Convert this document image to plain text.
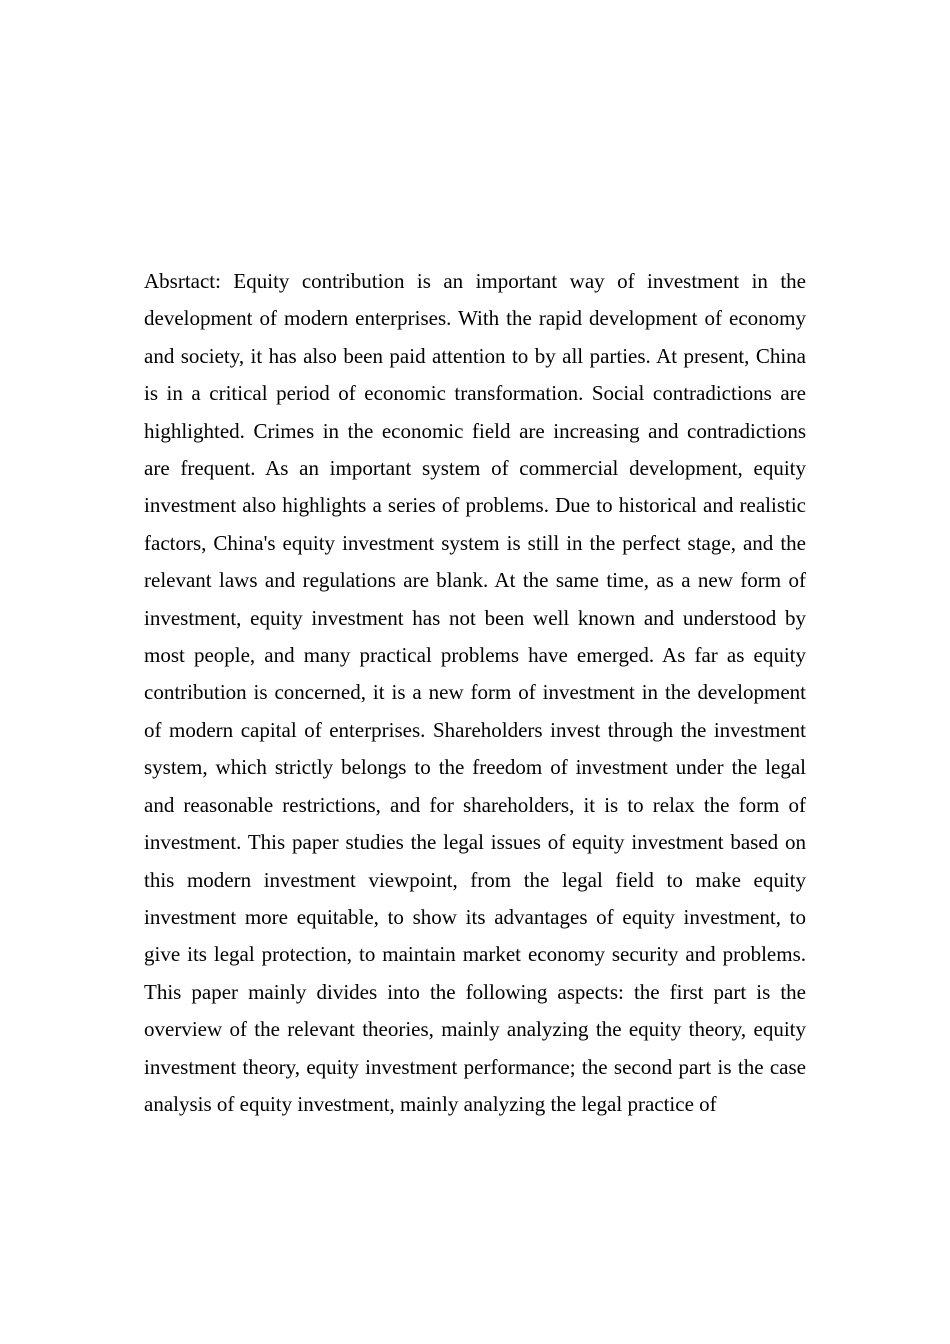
Absrtact: Equity contribution is an important way of investment in the development of modern enterprises. With the rapid development of economy and society, it has also been paid attention to by all parties. At present, China is in a critical period of economic transformation. Social contradictions are highlighted. Crimes in the economic field are increasing and contradictions are frequent. As an important system of commercial development, equity investment also highlights a series of problems. Due to historical and realistic factors, China's equity investment system is still in the perfect stage, and the relevant laws and regulations are blank. At the same time, as a new form of investment, equity investment has not been well known and understood by most people, and many practical problems have emerged. As far as equity contribution is concerned, it is a new form of investment in the development of modern capital of enterprises. Shareholders invest through the investment system, which strictly belongs to the freedom of investment under the legal and reasonable restrictions, and for shareholders, it is to relax the form of investment. This paper studies the legal issues of equity investment based on this modern investment viewpoint, from the legal field to make equity investment more equitable, to show its advantages of equity investment, to give its legal protection, to maintain market economy security and problems. This paper mainly divides into the following aspects: the first part is the overview of the relevant theories, mainly analyzing the equity theory, equity investment theory, equity investment performance; the second part is the case analysis of equity investment, mainly analyzing the legal practice of
